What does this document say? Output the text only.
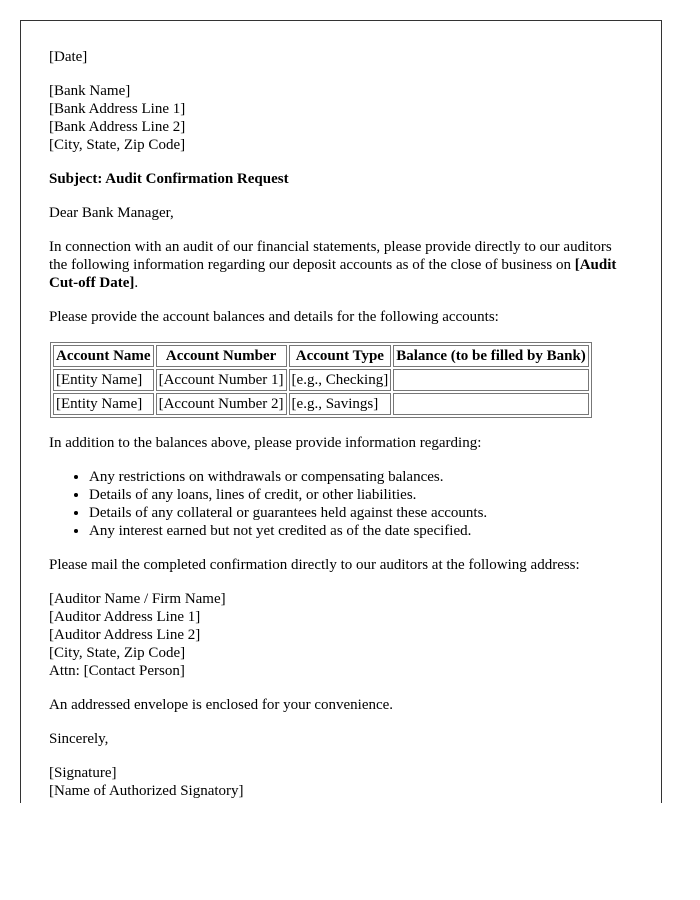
[Date]

[Bank Name]
[Bank Address Line 1]
[Bank Address Line 2]
[City, State, Zip Code]

Subject: Audit Confirmation Request

Dear Bank Manager,

In connection with an audit of our financial statements, please provide directly to our auditors the following information regarding our deposit accounts as of the close of business on [Audit Cut-off Date].

Please provide the account balances and details for the following accounts:

Account Name	Account Number	Account Type	Balance (to be filled by Bank)
[Entity Name]	[Account Number 1]	[e.g., Checking]	
[Entity Name]	[Account Number 2]	[e.g., Savings]	

In addition to the balances above, please provide information regarding:

• Any restrictions on withdrawals or compensating balances.
• Details of any loans, lines of credit, or other liabilities.
• Details of any collateral or guarantees held against these accounts.
• Any interest earned but not yet credited as of the date specified.

Please mail the completed confirmation directly to our auditors at the following address:

[Auditor Name / Firm Name]
[Auditor Address Line 1]
[Auditor Address Line 2]
[City, State, Zip Code]
Attn: [Contact Person]

An addressed envelope is enclosed for your convenience.

Sincerely,

[Signature]
[Name of Authorized Signatory]
